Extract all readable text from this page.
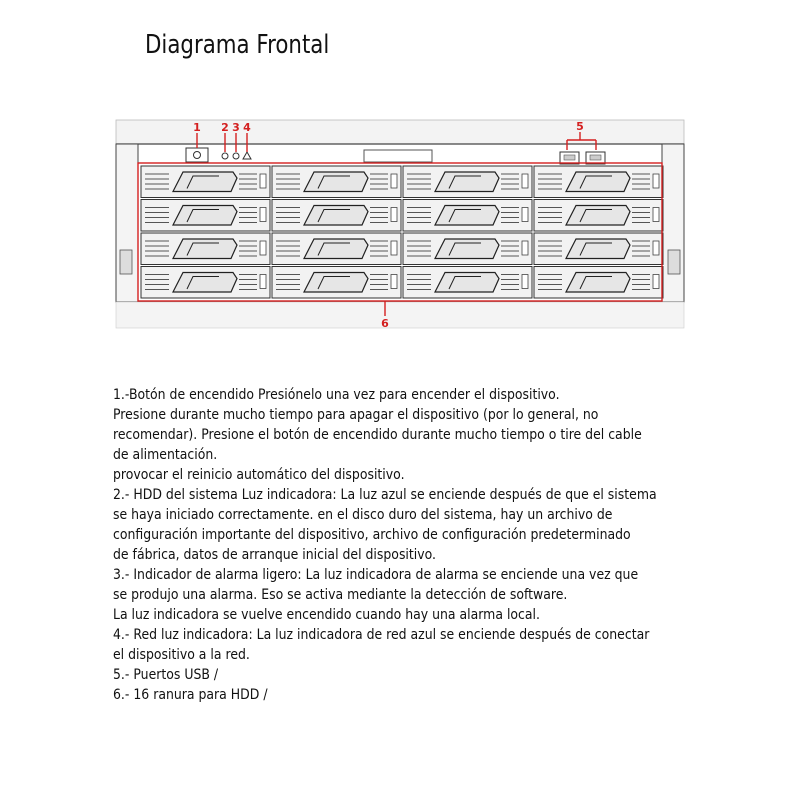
Diagrama Frontal
1 2 3 4	5
6
1.-Botón de encendido Presiónelo una vez para encender el dispositivo.
Presione durante mucho tiempo para apagar el dispositivo (por lo general, no
recomendar). Presione el botón de encendido durante mucho tiempo o tire del cable
de alimentación.
provocar el reinicio automático del dispositivo.
2.- HDD del sistema Luz indicadora: La luz azul se enciende después de que el sistema
se haya iniciado correctamente. en el disco duro del sistema, hay un archivo de
configuración importante del dispositivo, archivo de configuración predeterminado
de fábrica, datos de arranque inicial del dispositivo.
3.- Indicador de alarma ligero: La luz indicadora de alarma se enciende una vez que
se produjo una alarma. Eso se activa mediante la detección de software.
La luz indicadora se vuelve encendido cuando hay una alarma local.
4.- Red luz indicadora: La luz indicadora de red azul se enciende después de conectar
el dispositivo a la red.
5.- Puertos USB /
6.- 16 ranura para HDD /
